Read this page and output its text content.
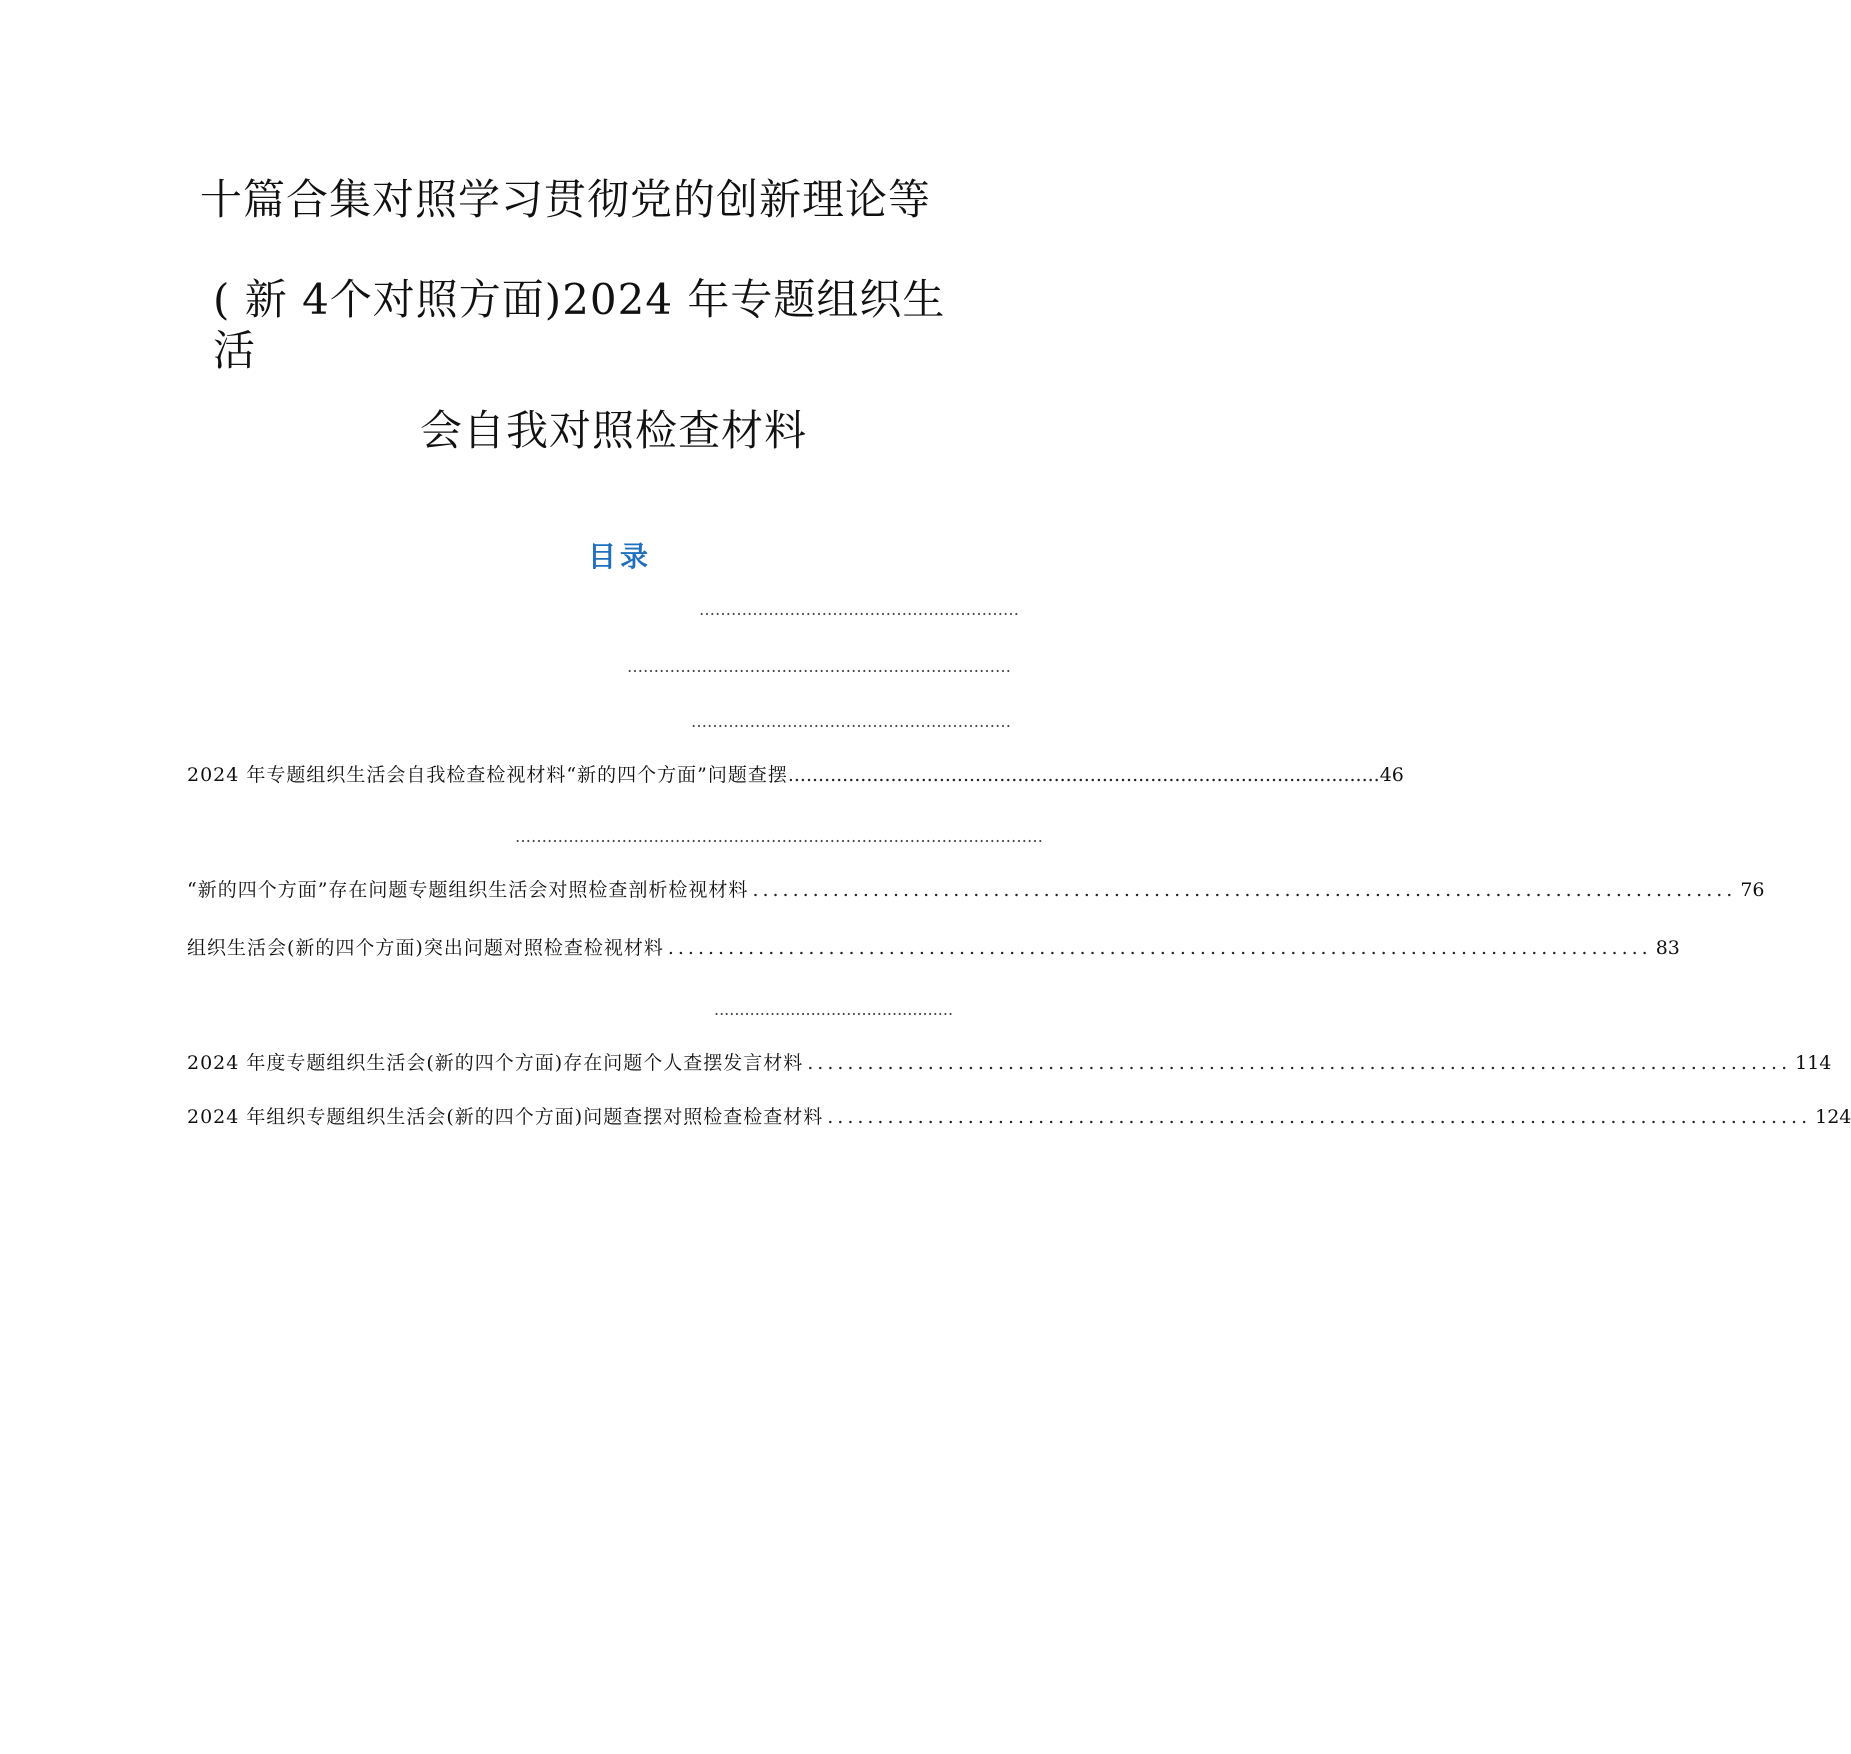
十篇合集对照学习贯彻党的创新理论等
( 新 4个对照方面)2024 年专题组织生
活
会自我对照检查材料
目录
……………………………………………………
………………………………………………………………
……………………………………………………
2024 年专题组织生活会自我检查检视材料“新的四个方面”问题查摆 .................................................................................................. 46
………………………………………………………………………………………
“新的四个方面”存在问题专题组织生活会对照检查剖析检视材料 .................................................................................................. 76
组织生活会(新的四个方面)突出问题对照检查检视材料 .................................................................................................. 83
...............................................
2024 年度专题组织生活会(新的四个方面)存在问题个人查摆发言材料 .................................................................................................. 114
2024 年组织专题组织生活会(新的四个方面)问题查摆对照检查检查材料 .................................................................................................. 124
